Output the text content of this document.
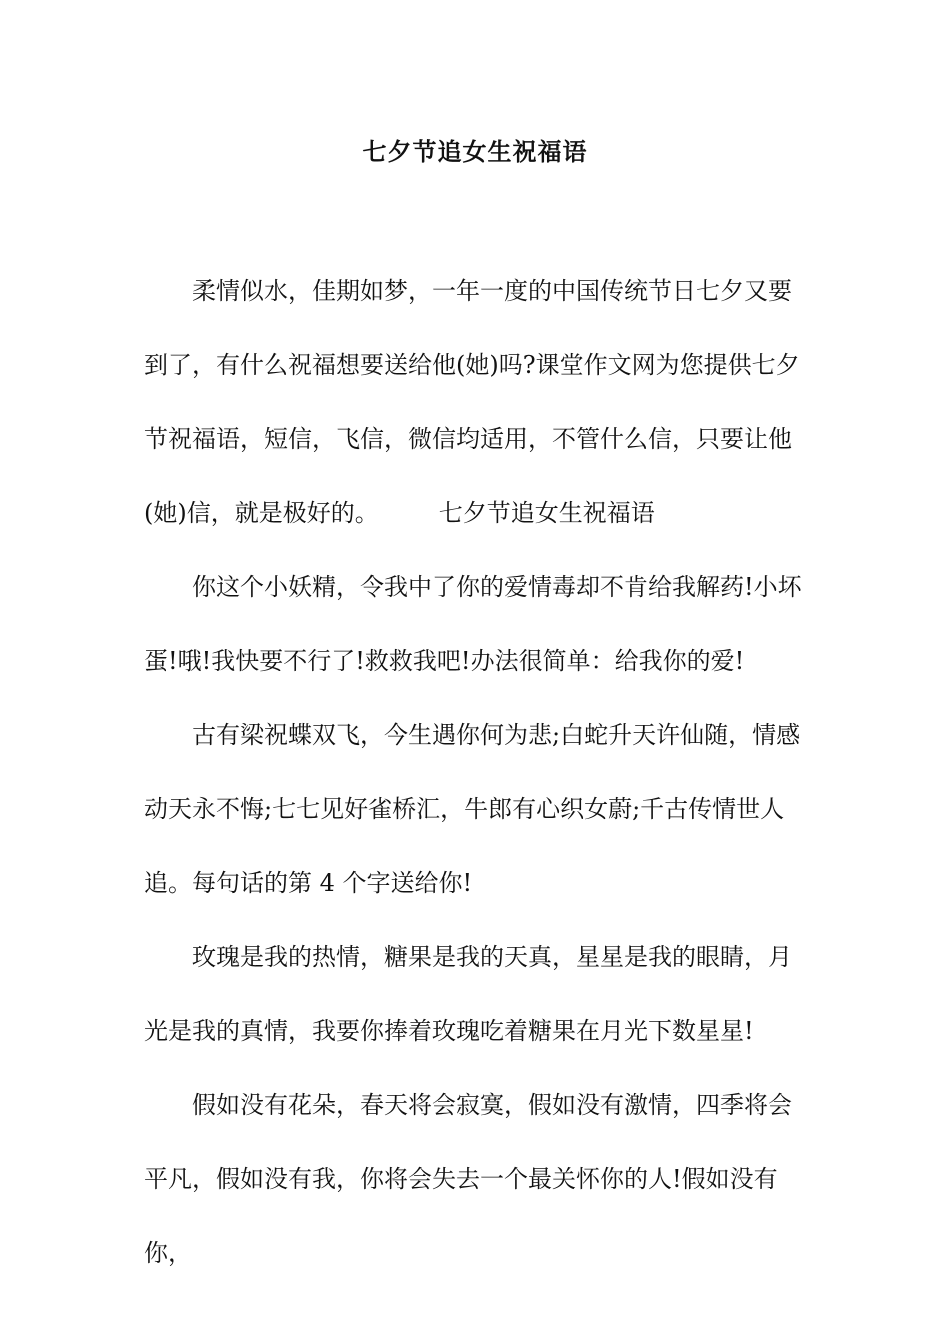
七夕节追女生祝福语

柔情似水，佳期如梦，一年一度的中国传统节日七夕又要到了，有什么祝福想要送给他(她)吗?课堂作文网为您提供七夕节祝福语，短信，飞信，微信均适用，不管什么信，只要让他(她)信，就是极好的。	七夕节追女生祝福语

你这个小妖精，令我中了你的爱情毒却不肯给我解药!小坏蛋!哦!我快要不行了!救救我吧!办法很简单：给我你的爱!

古有梁祝蝶双飞，今生遇你何为悲;白蛇升天许仙随，情感动天永不悔;七七见好雀桥汇，牛郎有心织女蔚;千古传情世人追。每句话的第 4 个字送给你!

玫瑰是我的热情，糖果是我的天真，星星是我的眼睛，月光是我的真情，我要你捧着玫瑰吃着糖果在月光下数星星!

假如没有花朵，春天将会寂寞，假如没有激情，四季将会平凡，假如没有我，你将会失去一个最关怀你的人!假如没有你，
